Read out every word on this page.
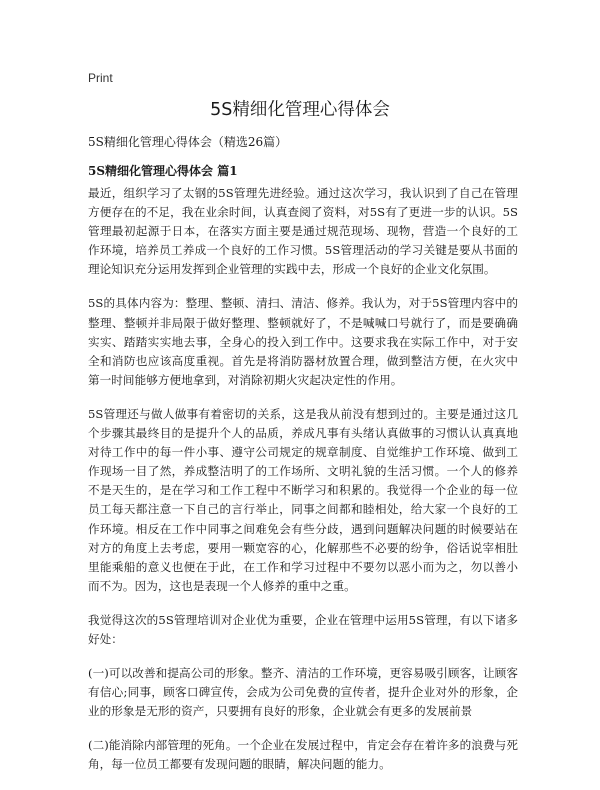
Print
5S精细化管理心得体会

5S精细化管理心得体会（精选26篇）

5S精细化管理心得体会 篇1

最近，组织学习了太钢的5S管理先进经验。通过这次学习，我认识到了自己在管理方便存在的不足，我在业余时间，认真查阅了资料，对5S有了更进一步的认识。5S管理最初起源于日本，在落实方面主要是通过规范现场、现物，营造一个良好的工作环境，培养员工养成一个良好的工作习惯。5S管理活动的学习关键是要从书面的理论知识充分运用发挥到企业管理的实践中去，形成一个良好的企业文化氛围。

5S的具体内容为：整理、整顿、清扫、清洁、修养。我认为，对于5S管理内容中的整理、整顿并非局限于做好整理、整顿就好了，不是喊喊口号就行了，而是要确确实实、踏踏实实地去事，全身心的投入到工作中。这要求我在实际工作中，对于安全和消防也应该高度重视。首先是将消防器材放置合理，做到整洁方便，在火灾中第一时间能够方便地拿到，对消除初期火灾起决定性的作用。

5S管理还与做人做事有着密切的关系，这是我从前没有想到过的。主要是通过这几个步骤其最终目的是提升个人的品质，养成凡事有头绪认真做事的习惯认认真真地对待工作中的每一件小事、遵守公司规定的规章制度、自觉维护工作环境、做到工作现场一目了然，养成整洁明了的工作场所、文明礼貌的生活习惯。一个人的修养不是天生的，是在学习和工作工程中不断学习和积累的。我觉得一个企业的每一位员工每天都注意一下自己的言行举止，同事之间都和睦相处，给大家一个良好的工作环境。相反在工作中同事之间难免会有些分歧，遇到问题解决问题的时候要站在对方的角度上去考虑，要用一颗宽容的心，化解那些不必要的纷争，俗话说宰相肚里能乘船的意义也便在于此，在工作和学习过程中不要勿以恶小而为之，勿以善小而不为。因为，这也是表现一个人修养的重中之重。

我觉得这次的5S管理培训对企业优为重要，企业在管理中运用5S管理，有以下诸多好处：

(一)可以改善和提高公司的形象。整齐、清洁的工作环境，更容易吸引顾客，让顾客有信心;同事，顾客口碑宣传，会成为公司免费的宣传者，提升企业对外的形象，企业的形象是无形的资产，只要拥有良好的形象，企业就会有更多的发展前景

(二)能消除内部管理的死角。一个企业在发展过程中，肯定会存在着许多的浪费与死角，每一位员工都要有发现问题的眼睛，解决问题的能力。
